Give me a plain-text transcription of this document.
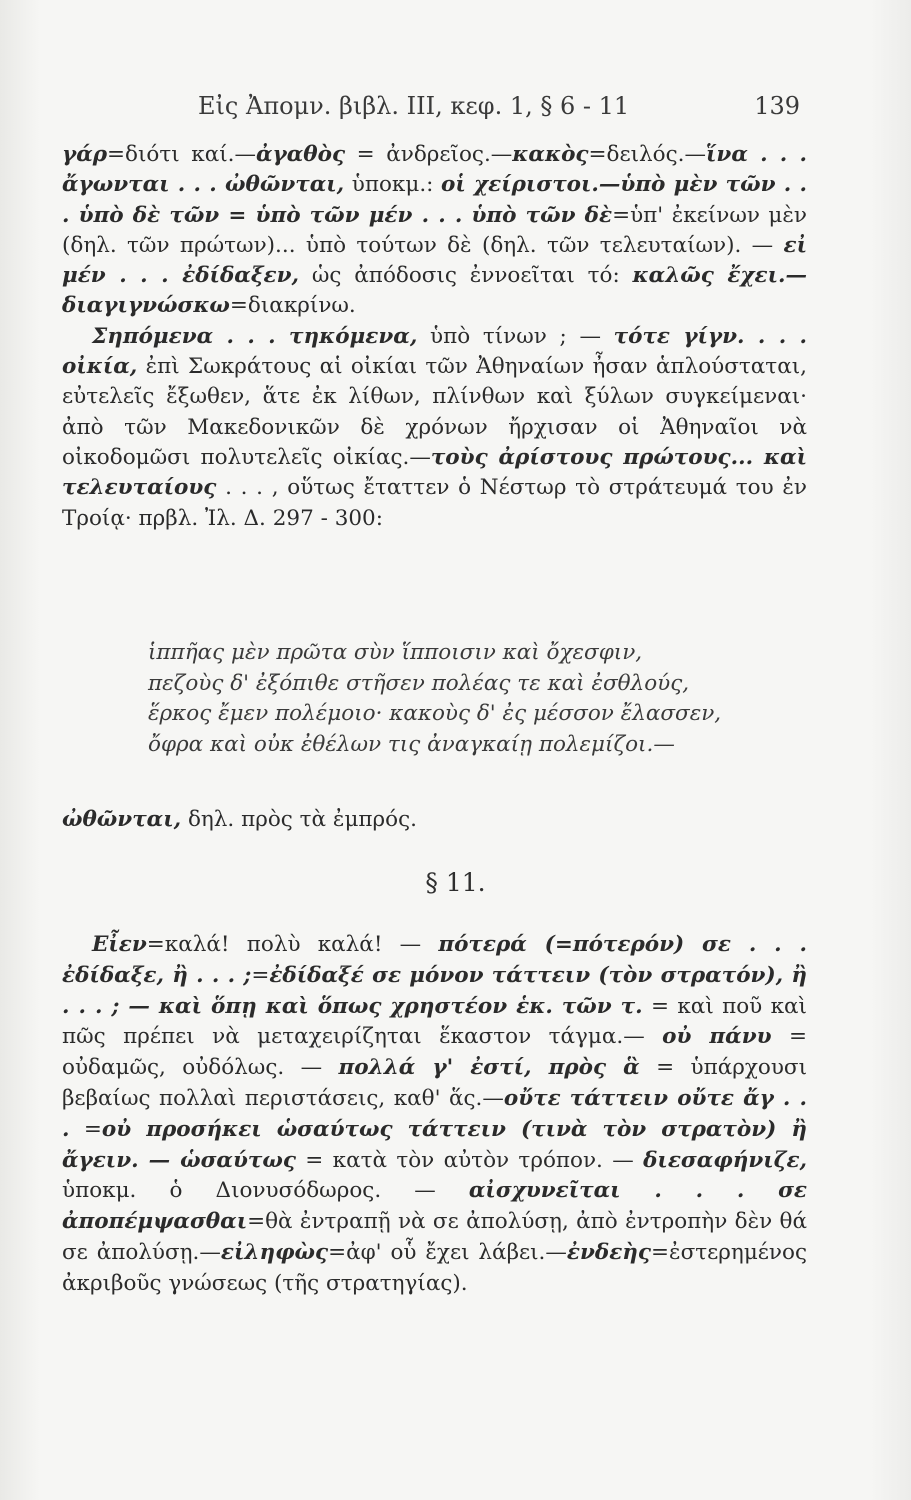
Εἰς Ἀπομν. βιβλ. ΙΙΙ, κεφ. 1, § 6 - 11	139

γάρ=διότι καί.—ἀγαθὸς = ἀνδρεῖος.—κακὸς=δειλός.—ἵνα . . . ἄγωνται . . . ὠθῶνται, ὑποκμ.: οἱ χείριστοι.—ὑπὸ μὲν τῶν . . . ὑπὸ δὲ τῶν = ὑπὸ τῶν μέν . . . ὑπὸ τῶν δὲ=ὑπ' ἐκείνων μὲν (δηλ. τῶν πρώτων)... ὑπὸ τούτων δὲ (δηλ. τῶν τελευταίων). — εἰ μέν . . . ἐδίδαξεν, ὡς ἀπόδοσις ἐννοεῖται τό: καλῶς ἔχει.—διαγιγνώσκω=διακρίνω.

Σηπόμενα . . . τηκόμενα, ὑπὸ τίνων ; — τότε γίγν. . . . οἰκία, ἐπὶ Σωκράτους αἱ οἰκίαι τῶν Ἀθηναίων ἦσαν ἁπλούσταται, εὐτελεῖς ἔξωθεν, ἅτε ἐκ λίθων, πλίνθων καὶ ξύλων συγκείμεναι· ἀπὸ τῶν Μακεδονικῶν δὲ χρόνων ἤρχισαν οἱ Ἀθηναῖοι νὰ οἰκοδομῶσι πολυτελεῖς οἰκίας.—τοὺς ἀρίστους πρώτους... καὶ τελευταίους . . . , οὕτως ἔταττεν ὁ Νέστωρ τὸ στράτευμά του ἐν Τροίᾳ· πρβλ. Ἰλ. Δ. 297 - 300:

ἱππῆας μὲν πρῶτα σὺν ἵπποισιν καὶ ὄχεσφιν,
πεζοὺς δ' ἐξόπιθε στῆσεν πολέας τε καὶ ἐσθλούς,
ἕρκος ἔμεν πολέμοιο· κακοὺς δ' ἐς μέσσον ἔλασσεν,
ὄφρα καὶ οὐκ ἐθέλων τις ἀναγκαίῃ πολεμίζοι.—
ὠθῶνται, δηλ. πρὸς τὰ ἐμπρός.
§ 11.

Εἶεν=καλά! πολὺ καλά! — πότερά (=πότερόν) σε . . . ἐδίδαξε, ἢ . . . ;=ἐδίδαξέ σε μόνον τάττειν (τὸν στρατόν), ἢ . . . ; — καὶ ὅπῃ καὶ ὅπως χρηστέον ἑκ. τῶν τ. = καὶ ποῦ καὶ πῶς πρέπει νὰ μεταχειρίζηται ἕκαστον τάγμα.— οὐ πάνυ = οὐδαμῶς, οὐδόλως. — πολλά γ' ἐστί, πρὸς ἃ = ὑπάρχουσι βεβαίως πολλαὶ περιστάσεις, καθ' ἅς.—οὔτε τάττειν οὔτε ἄγ . . . =οὐ προσήκει ὡσαύτως τάττειν (τινὰ τὸν στρατὸν) ἢ ἄγειν. — ὡσαύτως = κατὰ τὸν αὐτὸν τρόπον. — διεσαφήνιζε, ὑποκμ. ὁ Διονυσόδωρος. — αἰσχυνεῖται . . . σε ἀποπέμψασθαι=θὰ ἐντραπῇ νὰ σε ἀπολύσῃ, ἀπὸ ἐντροπὴν δὲν θά σε ἀπολύσῃ.—εἰληφὼς=ἀφ' οὗ ἔχει λάβει.—ἐνδεὴς=ἐστερημένος ἀκριβοῦς γνώσεως (τῆς στρατηγίας).
